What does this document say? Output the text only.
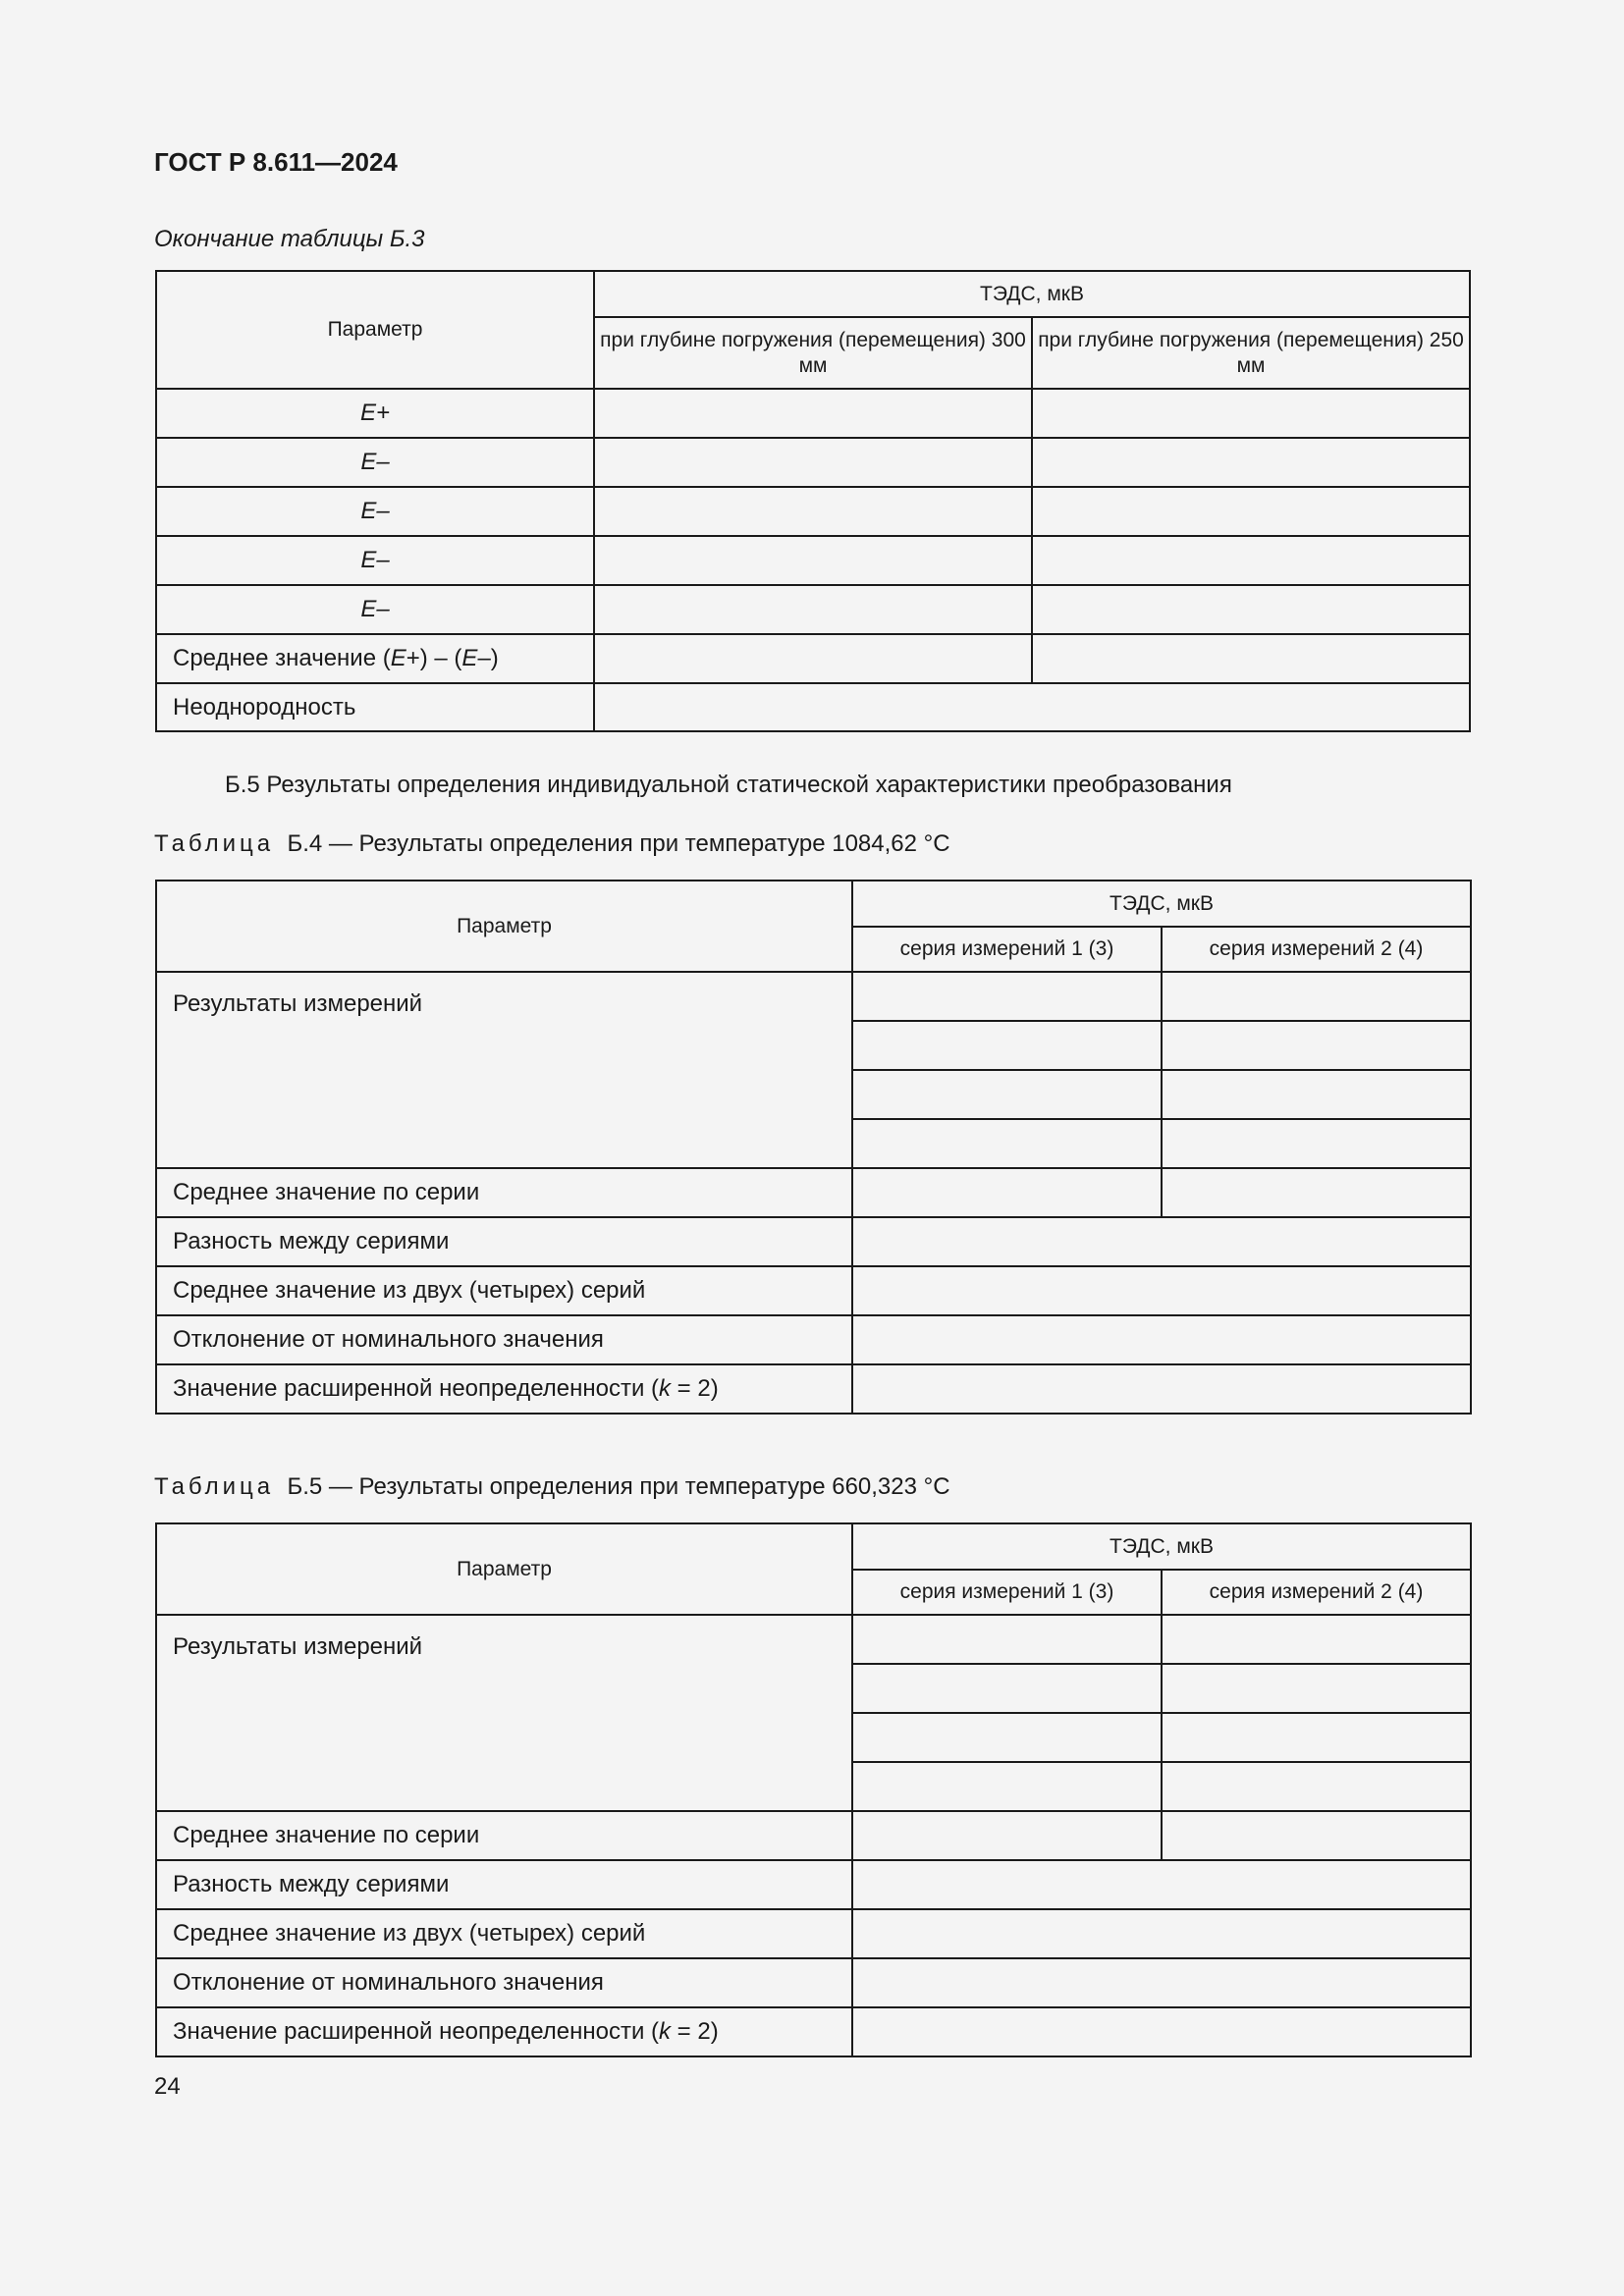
ГОСТ Р 8.611—2024
Окончание таблицы Б.3
Параметр	ТЭДС, мкВ	
	при глубине погружения (перемещения) 300 мм	при глубине погружения (перемещения) 250 мм
E+		
E–		
E–		
E–		
E–		
Среднее значение (E+) – (E–)		
Неоднородность		
Б.5 Результаты определения индивидуальной статической характеристики преобразования
Таблица Б.4 — Результаты определения при температуре 1084,62 °С
Параметр	ТЭДС, мкВ	
	серия измерений 1 (3)	серия измерений 2 (4)

Результаты измерений		

Среднее значение по серии		
Разность между сериями		
Среднее значение из двух (четырех) серий		
Отклонение от номинального значения		
Значение расширенной неопределенности (k = 2)		
Таблица Б.5 — Результаты определения при температуре 660,323 °С
Параметр	ТЭДС, мкВ	
	серия измерений 1 (3)	серия измерений 2 (4)

Результаты измерений		

Среднее значение по серии		
Разность между сериями		
Среднее значение из двух (четырех) серий		
Отклонение от номинального значения		
Значение расширенной неопределенности (k = 2)		
24
